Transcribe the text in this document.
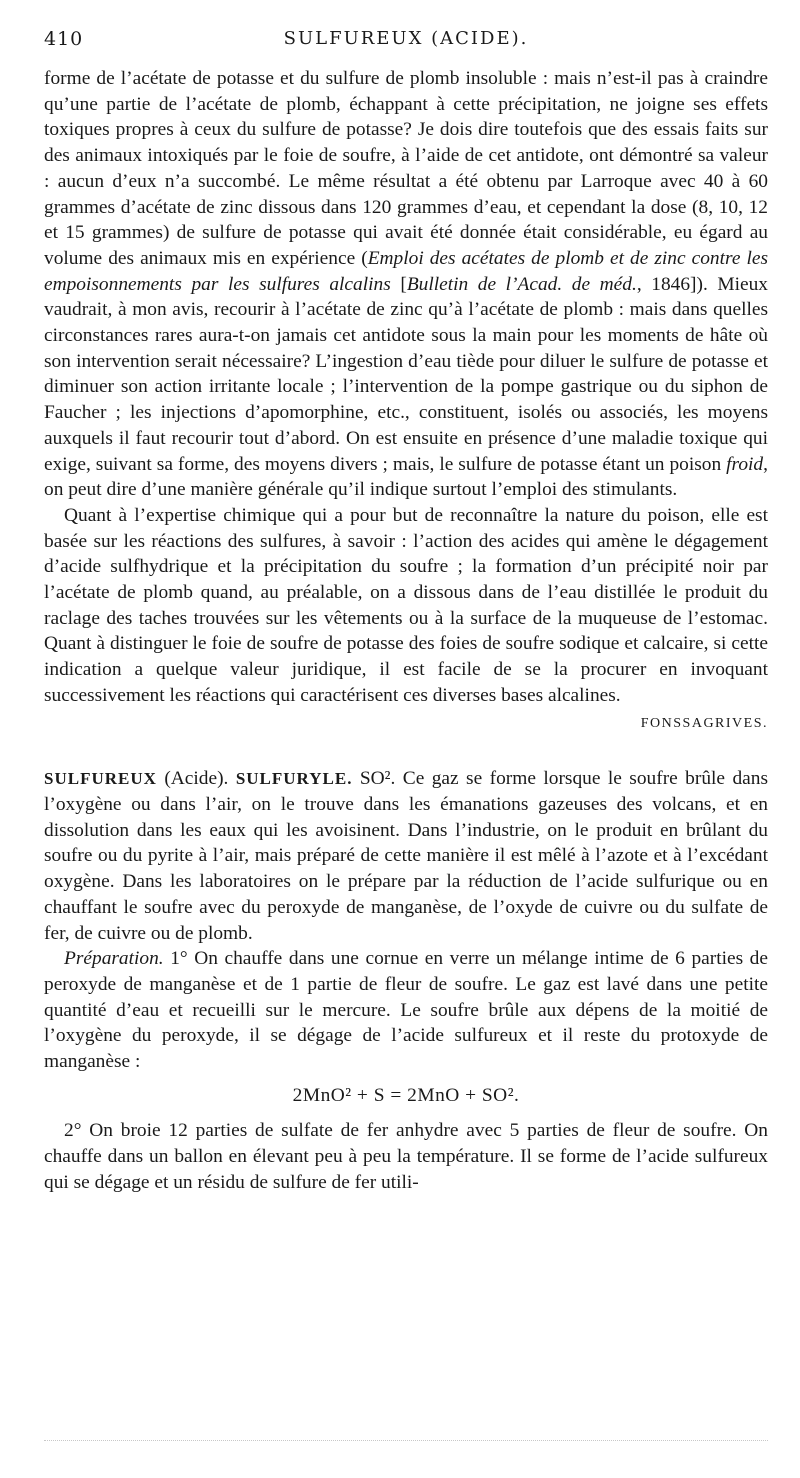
410	SULFUREUX (ACIDE).

forme de l’acétate de potasse et du sulfure de plomb insoluble : mais n’est-il pas à craindre qu’une partie de l’acétate de plomb, échappant à cette précipitation, ne joigne ses effets toxiques propres à ceux du sulfure de potasse? Je dois dire toutefois que des essais faits sur des animaux intoxiqués par le foie de soufre, à l’aide de cet antidote, ont démontré sa valeur : aucun d’eux n’a succombé. Le même résultat a été obtenu par Larroque avec 40 à 60 grammes d’acétate de zinc dissous dans 120 grammes d’eau, et cependant la dose (8, 10, 12 et 15 grammes) de sulfure de potasse qui avait été donnée était considérable, eu égard au volume des animaux mis en expérience (Emploi des acétates de plomb et de zinc contre les empoisonnements par les sulfures alcalins [Bulletin de l’Acad. de méd., 1846]). Mieux vaudrait, à mon avis, recourir à l’acétate de zinc qu’à l’acétate de plomb : mais dans quelles circonstances rares aura-t-on jamais cet antidote sous la main pour les moments de hâte où son intervention serait nécessaire? L’ingestion d’eau tiède pour diluer le sulfure de potasse et diminuer son action irritante locale ; l’intervention de la pompe gastrique ou du siphon de Faucher ; les injections d’apomorphine, etc., constituent, isolés ou associés, les moyens auxquels il faut recourir tout d’abord. On est ensuite en présence d’une maladie toxique qui exige, suivant sa forme, des moyens divers ; mais, le sulfure de potasse étant un poison froid, on peut dire d’une manière générale qu’il indique surtout l’emploi des stimulants.

Quant à l’expertise chimique qui a pour but de reconnaître la nature du poison, elle est basée sur les réactions des sulfures, à savoir : l’action des acides qui amène le dégagement d’acide sulfhydrique et la précipitation du soufre ; la formation d’un précipité noir par l’acétate de plomb quand, au préalable, on a dissous dans de l’eau distillée le produit du raclage des taches trouvées sur les vêtements ou à la surface de la muqueuse de l’estomac. Quant à distinguer le foie de soufre de potasse des foies de soufre sodique et calcaire, si cette indication a quelque valeur juridique, il est facile de se la procurer en invoquant successivement les réactions qui caractérisent ces diverses bases alcalines.

FONSSAGRIVES.

SULFUREUX (Acide). SULFURYLE. SO². Ce gaz se forme lorsque le soufre brûle dans l’oxygène ou dans l’air, on le trouve dans les émanations gazeuses des volcans, et en dissolution dans les eaux qui les avoisinent. Dans l’industrie, on le produit en brûlant du soufre ou du pyrite à l’air, mais préparé de cette manière il est mêlé à l’azote et à l’excédant oxygène. Dans les laboratoires on le prépare par la réduction de l’acide sulfurique ou en chauffant le soufre avec du peroxyde de manganèse, de l’oxyde de cuivre ou du sulfate de fer, de cuivre ou de plomb.

Préparation. 1° On chauffe dans une cornue en verre un mélange intime de 6 parties de peroxyde de manganèse et de 1 partie de fleur de soufre. Le gaz est lavé dans une petite quantité d’eau et recueilli sur le mercure. Le soufre brûle aux dépens de la moitié de l’oxygène du peroxyde, il se dégage de l’acide sulfureux et il reste du protoxyde de manganèse :

2MnO² + S = 2MnO + SO².

2° On broie 12 parties de sulfate de fer anhydre avec 5 parties de fleur de soufre. On chauffe dans un ballon en élevant peu à peu la température. Il se forme de l’acide sulfureux qui se dégage et un résidu de sulfure de fer utili-
